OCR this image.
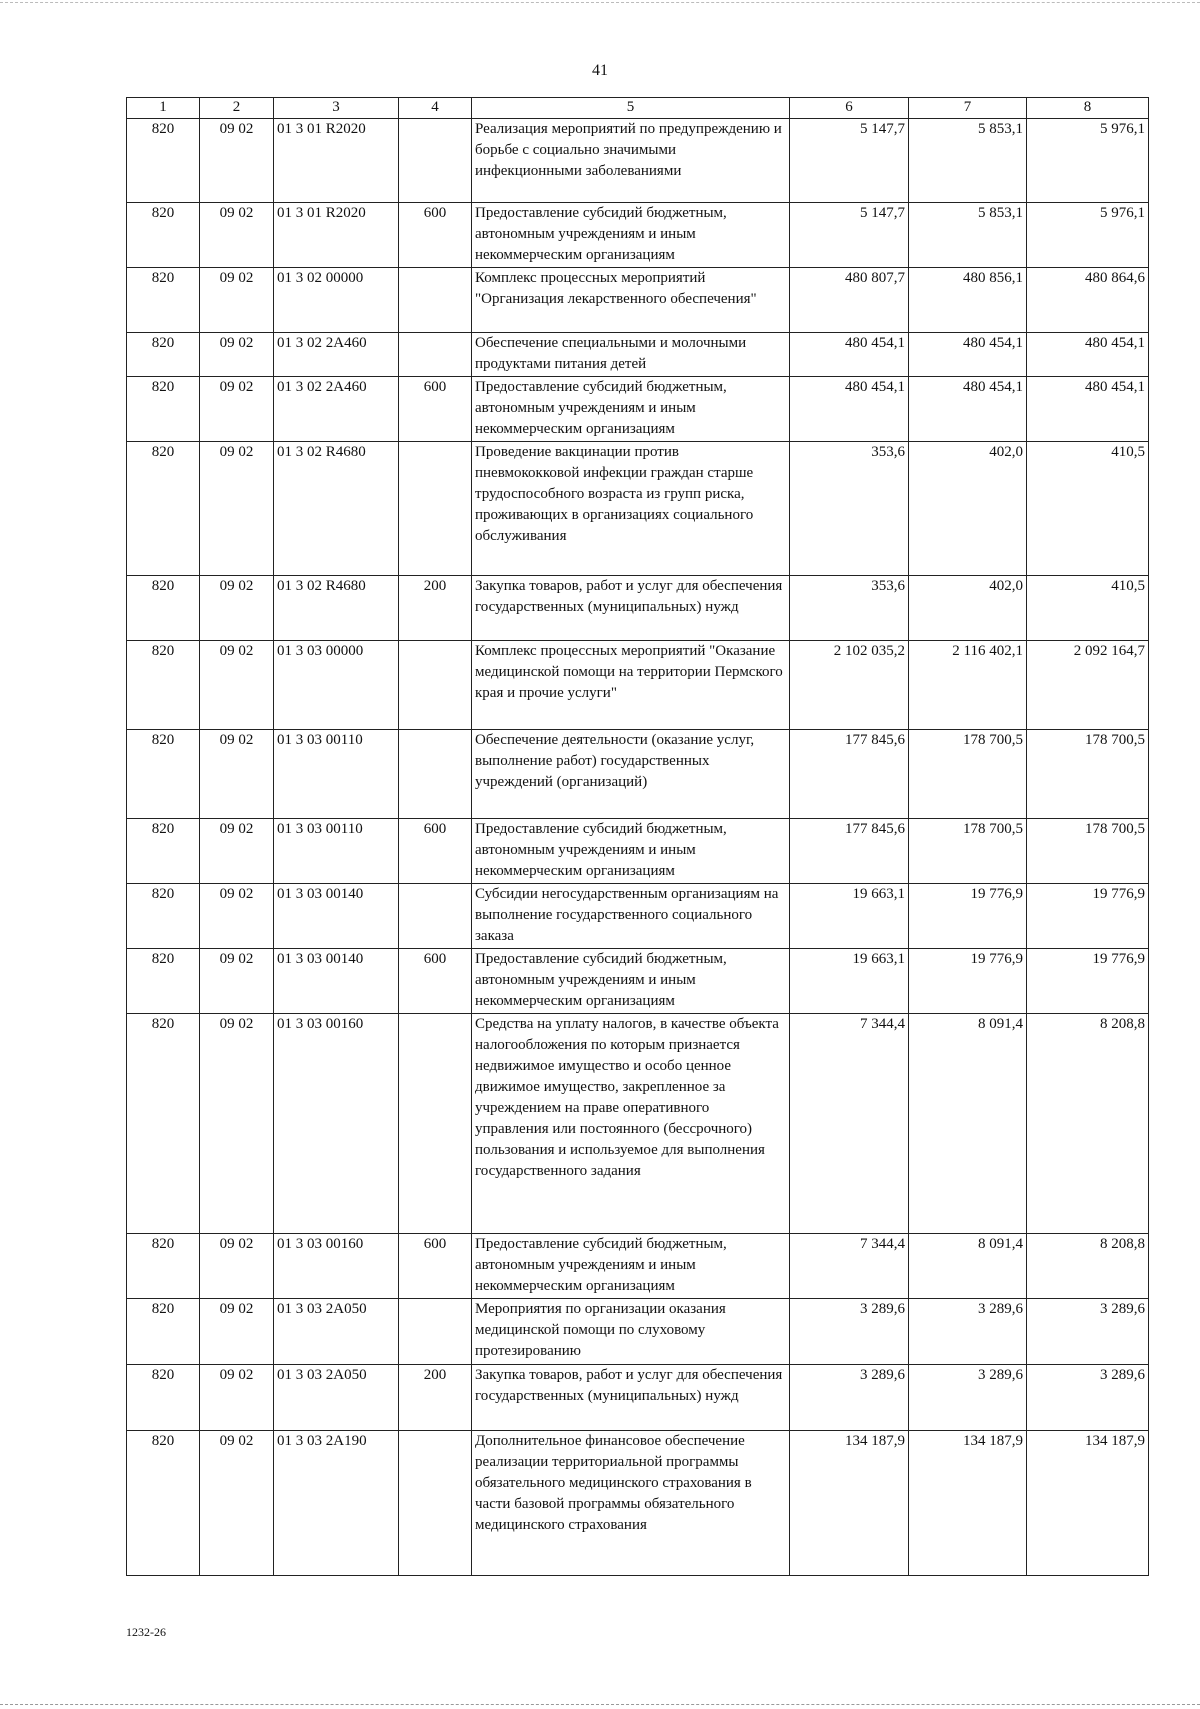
41
1	2	3	4	5	6	7	8
820	09 02	01 3 01 R2020		Реализация мероприятий по предупреждению и борьбе с социально значимыми инфекционными заболеваниями	5 147,7	5 853,1	5 976,1
820	09 02	01 3 01 R2020	600	Предоставление субсидий бюджетным, автономным учреждениям и иным некоммерческим организациям	5 147,7	5 853,1	5 976,1
820	09 02	01 3 02 00000		Комплекс процессных мероприятий "Организация лекарственного обеспечения"	480 807,7	480 856,1	480 864,6
820	09 02	01 3 02 2А460		Обеспечение специальными и молочными продуктами питания детей	480 454,1	480 454,1	480 454,1
820	09 02	01 3 02 2А460	600	Предоставление субсидий бюджетным, автономным учреждениям и иным некоммерческим организациям	480 454,1	480 454,1	480 454,1
820	09 02	01 3 02 R4680		Проведение вакцинации против пневмококковой инфекции граждан старше трудоспособного возраста из групп риска, проживающих в организациях социального обслуживания	353,6	402,0	410,5
820	09 02	01 3 02 R4680	200	Закупка товаров, работ и услуг для обеспечения государственных (муниципальных) нужд	353,6	402,0	410,5
820	09 02	01 3 03 00000		Комплекс процессных мероприятий "Оказание медицинской помощи на территории Пермского края и прочие услуги"	2 102 035,2	2 116 402,1	2 092 164,7
820	09 02	01 3 03 00110		Обеспечение деятельности (оказание услуг, выполнение работ) государственных учреждений (организаций)	177 845,6	178 700,5	178 700,5
820	09 02	01 3 03 00110	600	Предоставление субсидий бюджетным, автономным учреждениям и иным некоммерческим организациям	177 845,6	178 700,5	178 700,5
820	09 02	01 3 03 00140		Субсидии негосударственным организациям на выполнение государственного социального заказа	19 663,1	19 776,9	19 776,9
820	09 02	01 3 03 00140	600	Предоставление субсидий бюджетным, автономным учреждениям и иным некоммерческим организациям	19 663,1	19 776,9	19 776,9
820	09 02	01 3 03 00160		Средства на уплату налогов, в качестве объекта налогообложения по которым признается недвижимое имущество и особо ценное движимое имущество, закрепленное за учреждением на праве оперативного управления или постоянного (бессрочного) пользования и используемое для выполнения государственного задания	7 344,4	8 091,4	8 208,8
820	09 02	01 3 03 00160	600	Предоставление субсидий бюджетным, автономным учреждениям и иным некоммерческим организациям	7 344,4	8 091,4	8 208,8
820	09 02	01 3 03 2А050		Мероприятия по организации оказания медицинской помощи по слуховому протезированию	3 289,6	3 289,6	3 289,6
820	09 02	01 3 03 2А050	200	Закупка товаров, работ и услуг для обеспечения государственных (муниципальных) нужд	3 289,6	3 289,6	3 289,6
820	09 02	01 3 03 2А190		Дополнительное финансовое обеспечение реализации территориальной программы обязательного медицинского страхования в части базовой программы обязательного медицинского страхования	134 187,9	134 187,9	134 187,9
1232-26
